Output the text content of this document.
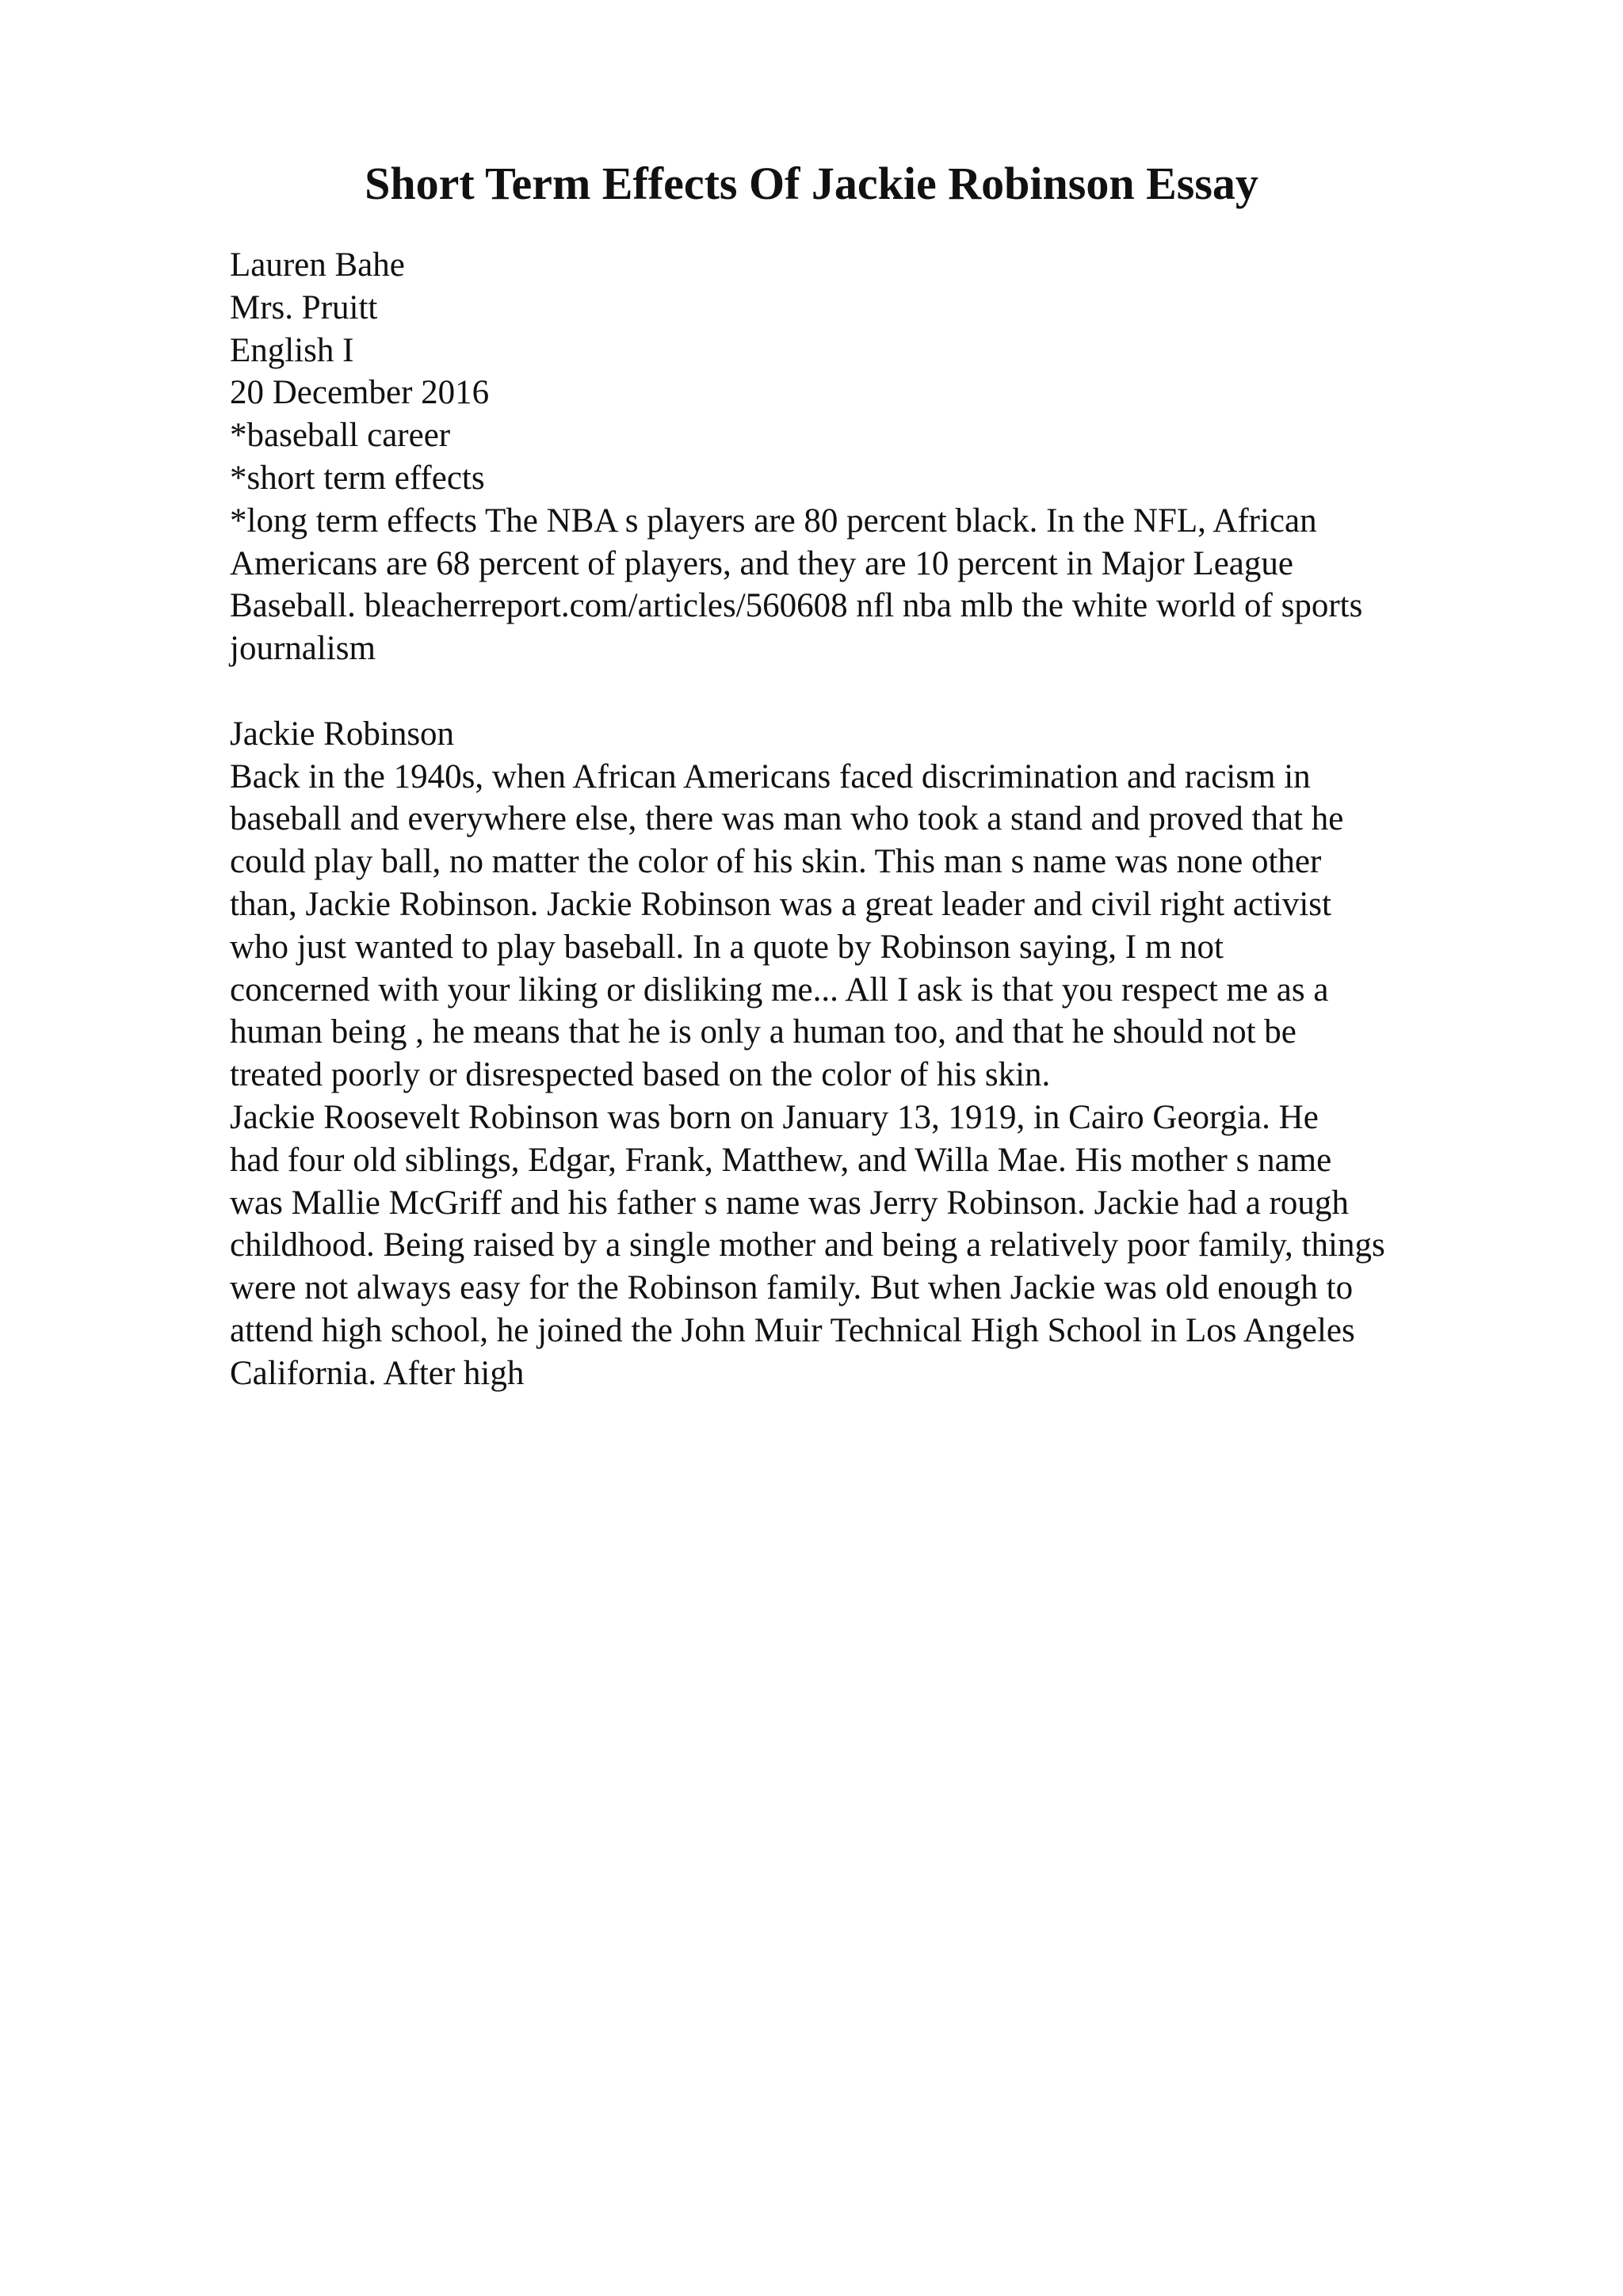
Short Term Effects Of Jackie Robinson Essay
Lauren Bahe
Mrs. Pruitt
English I
20 December 2016
*baseball career
*short term effects
*long term effects The NBA s players are 80 percent black. In the NFL, African
Americans are 68 percent of players, and they are 10 percent in Major League
Baseball. bleacherreport.com/articles/560608 nfl nba mlb the white world of sports
journalism
Jackie Robinson
Back in the 1940s, when African Americans faced discrimination and racism in
baseball and everywhere else, there was man who took a stand and proved that he
could play ball, no matter the color of his skin. This man s name was none other
than, Jackie Robinson. Jackie Robinson was a great leader and civil right activist
who just wanted to play baseball. In a quote by Robinson saying, I m not
concerned with your liking or disliking me... All I ask is that you respect me as a
human being , he means that he is only a human too, and that he should not be
treated poorly or disrespected based on the color of his skin.
Jackie Roosevelt Robinson was born on January 13, 1919, in Cairo Georgia. He
had four old siblings, Edgar, Frank, Matthew, and Willa Mae. His mother s name
was Mallie McGriff and his father s name was Jerry Robinson. Jackie had a rough
childhood. Being raised by a single mother and being a relatively poor family, things
were not always easy for the Robinson family. But when Jackie was old enough to
attend high school, he joined the John Muir Technical High School in Los Angeles
California. After high
